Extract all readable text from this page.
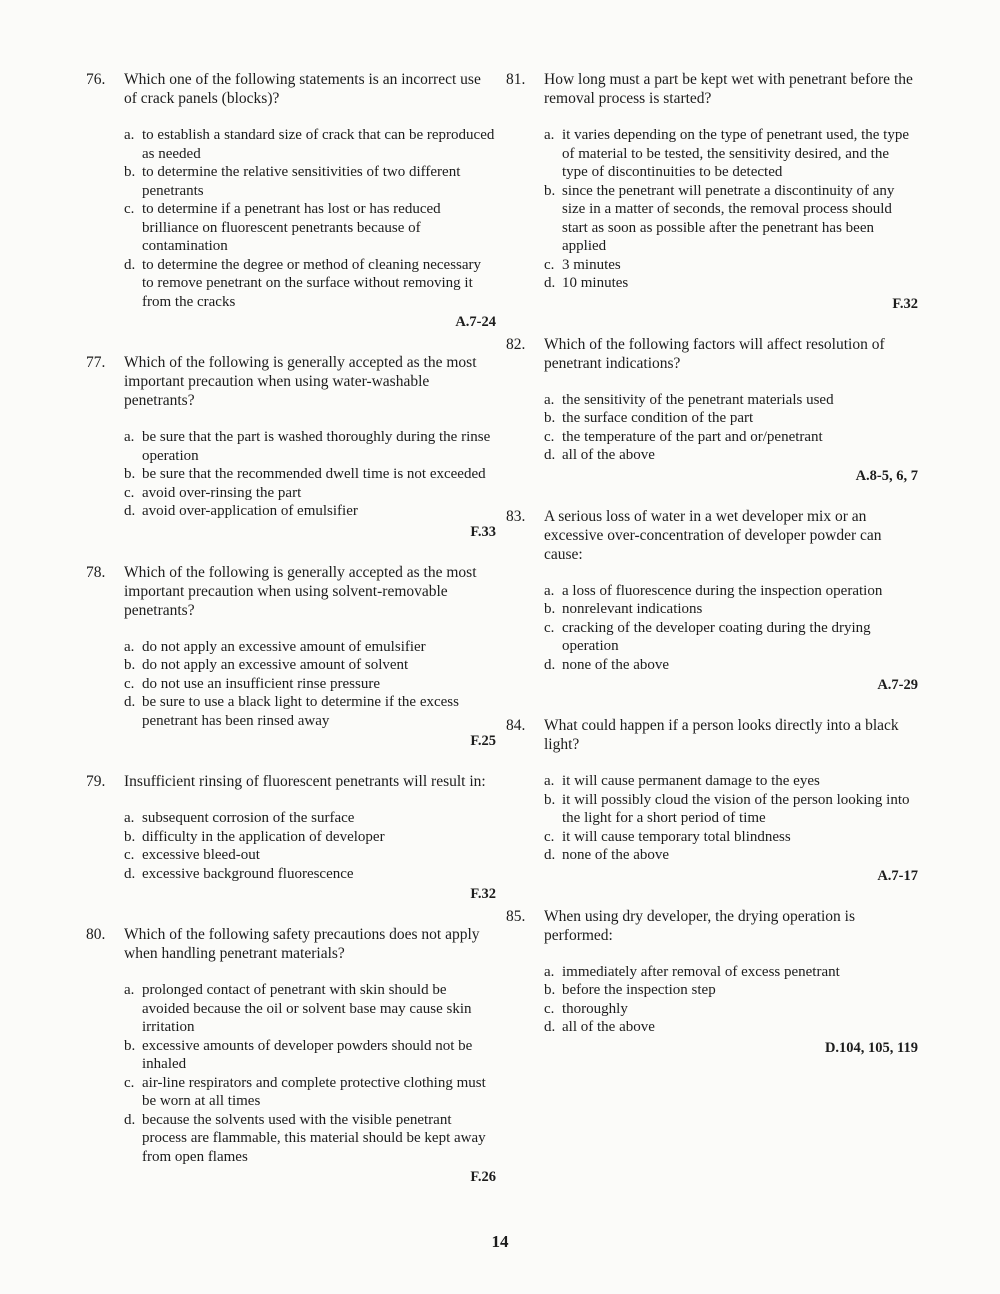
76.	Which one of the following statements is an incorrect use of crack panels (blocks)?
a. to establish a standard size of crack that can be reproduced as needed
b. to determine the relative sensitivities of two different penetrants
c. to determine if a penetrant has lost or has reduced brilliance on fluorescent penetrants because of contamination
d. to determine the degree or method of cleaning necessary to remove penetrant on the surface without removing it from the cracks
A.7-24
77.	Which of the following is generally accepted as the most important precaution when using water-washable penetrants?
a. be sure that the part is washed thoroughly during the rinse operation
b. be sure that the recommended dwell time is not exceeded
c. avoid over-rinsing the part
d. avoid over-application of emulsifier
F.33
78.	Which of the following is generally accepted as the most important precaution when using solvent-removable penetrants?
a. do not apply an excessive amount of emulsifier
b. do not apply an excessive amount of solvent
c. do not use an insufficient rinse pressure
d. be sure to use a black light to determine if the excess penetrant has been rinsed away
F.25
79.	Insufficient rinsing of fluorescent penetrants will result in:
a. subsequent corrosion of the surface
b. difficulty in the application of developer
c. excessive bleed-out
d. excessive background fluorescence
F.32
80.	Which of the following safety precautions does not apply when handling penetrant materials?
a. prolonged contact of penetrant with skin should be avoided because the oil or solvent base may cause skin irritation
b. excessive amounts of developer powders should not be inhaled
c. air-line respirators and complete protective clothing must be worn at all times
d. because the solvents used with the visible penetrant process are flammable, this material should be kept away from open flames
F.26
81.	How long must a part be kept wet with penetrant before the removal process is started?
a. it varies depending on the type of penetrant used, the type of material to be tested, the sensitivity desired, and the type of discontinuities to be detected
b. since the penetrant will penetrate a discontinuity of any size in a matter of seconds, the removal process should start as soon as possible after the penetrant has been applied
c. 3 minutes
d. 10 minutes
F.32
82.	Which of the following factors will affect resolution of penetrant indications?
a. the sensitivity of the penetrant materials used
b. the surface condition of the part
c. the temperature of the part and or/penetrant
d. all of the above
A.8-5, 6, 7
83.	A serious loss of water in a wet developer mix or an excessive over-concentration of developer powder can cause:
a. a loss of fluorescence during the inspection operation
b. nonrelevant indications
c. cracking of the developer coating during the drying operation
d. none of the above
A.7-29
84.	What could happen if a person looks directly into a black light?
a. it will cause permanent damage to the eyes
b. it will possibly cloud the vision of the person looking into the light for a short period of time
c. it will cause temporary total blindness
d. none of the above
A.7-17
85.	When using dry developer, the drying operation is performed:
a. immediately after removal of excess penetrant
b. before the inspection step
c. thoroughly
d. all of the above
D.104, 105, 119
14
